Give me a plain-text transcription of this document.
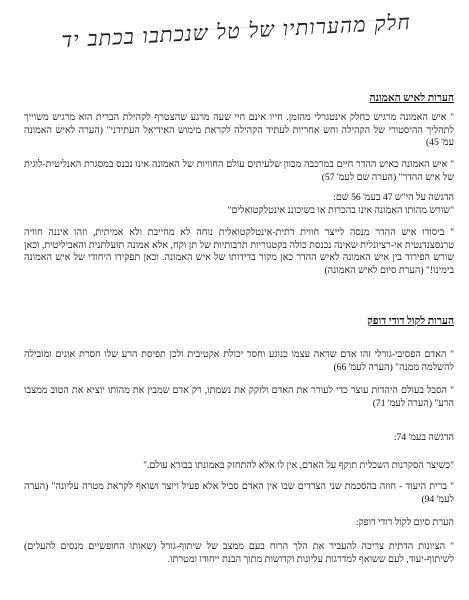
חלק מהערותיו של טל שנכתבו בכתב יד
הערות לאיש האמונה
" איש האמונה מרגיש כחלק אינטגרלי מהזמן. חייו אינם חיי שעה מרגע שהצטרף לקהילת הברית הוא מרגיש משוייך לתהליך ההיסטורי של הקהילה וחש אחריות לעתיד הקהילה לקראת מימוש האידיאל העתידני" (הערה לאיש האמונה עמ' 45)
" איש האמונה כאיש ההדר חיים במרכבה מכוון שלעיתים עולם החוויות של האמונה אינו נכנס במסגרת האנליטית-לוגית של איש ההדר" (הערה שם לעמ' 57)
הדגשה על הי"ש 47 בעמ' 56 שם:
"שורש מהותו האמונה אינו בהכרות או בשיכוננ אינטלקטואלים"
" ביסודו איש ההדר מנסה לייצר חווית דתית-אינטלקטואלית נוחה לא מחייבת ולא אמיתית, וזהו איננה חוויה טרנסצנדנטית אי-רציונלית שאינה נכנסת כולה בקטגוריות תרבותיות של תן וקח, אלא אמונה תועלתנית והאביליטית, וכאן שורש הפירוד בין איש האמונה לאיש ההדר כאן מקור בדידותו של איש האמונה. וכאן תפקידו היחודי של איש האמונה בימינו!" (הערת סיום לאיש האמונה)
הערות לקול דודי דופק
" האדם הפסיבי-גורלי זהו אדם שראה עצמו כנוגע וחסר יכולת אקטיבית ולכן תפיסת הרע שלו חסרת אונים ומובילה להשלמה ממנה" (הערה לעמ' 66)
" הסבל בעולם היהדות עוצר כדי לעורר את האדם ולזקק את נשמתו, רק אדם שמבין את מהותו יוציא את הטוב ממצבו הרע" (הערה לעמ' 71)
הדגשה בעמ' 74:
"כשיצר הסקרנות השכלית תוקף על האדם, אין לו אלא להתחזק באמונתו בבורא עולם."
" ברית היעוד - חוזה בהסכמת שני הצדדים שבו אין האדם סביל אלא פעיל ויוצר ושואף לקראת מטרה עליונה" (הערה לעמ' 94)
הערת סיום לקול דודי דופק:
" הציונות הדתית צריכה להעביר את הלך הרוח בעם ממצב של שיתוף-גורל (שאותו החופשיים מנסים להעלים) לשיתוף-יעוד, לעם ששואף למדרגות עליונות וקדושות מתוך הבנת ייחודו ומטרתו.
